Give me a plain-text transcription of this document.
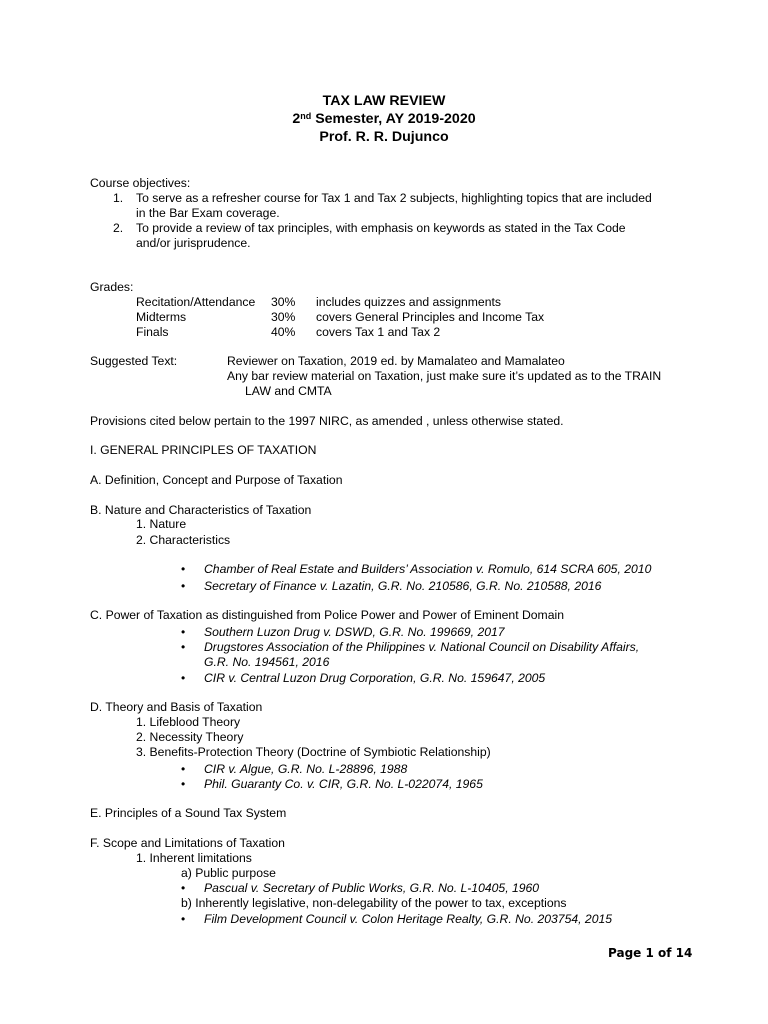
TAX LAW REVIEW
2nd Semester, AY 2019-2020
Prof. R. R. Dujunco
Course objectives:
1. To serve as a refresher course for Tax 1 and Tax 2 subjects, highlighting topics that are included
in the Bar Exam coverage.
2. To provide a review of tax principles, with emphasis on keywords as stated in the Tax Code
and/or jurisprudence.
Grades:
Recitation/Attendance 30% includes quizzes and assignments
Midterms	30% covers General Principles and Income Tax
Finals	40% covers Tax 1 and Tax 2
Suggested Text:	Reviewer on Taxation, 2019 ed. by Mamalateo and Mamalateo
Any bar review material on Taxation, just make sure it’s updated as to the TRAIN
LAW and CMTA
Provisions cited below pertain to the 1997 NIRC, as amended , unless otherwise stated.
I. GENERAL PRINCIPLES OF TAXATION
A. Definition, Concept and Purpose of Taxation
B. Nature and Characteristics of Taxation
1. Nature
2. Characteristics
• Chamber of Real Estate and Builders’ Association v. Romulo, 614 SCRA 605, 2010
• Secretary of Finance v. Lazatin, G.R. No. 210586, G.R. No. 210588, 2016
C. Power of Taxation as distinguished from Police Power and Power of Eminent Domain
• Southern Luzon Drug v. DSWD, G.R. No. 199669, 2017
• Drugstores Association of the Philippines v. National Council on Disability Affairs,
G.R. No. 194561, 2016
• CIR v. Central Luzon Drug Corporation, G.R. No. 159647, 2005
D. Theory and Basis of Taxation
1. Lifeblood Theory
2. Necessity Theory
3. Benefits-Protection Theory (Doctrine of Symbiotic Relationship)
• CIR v. Algue, G.R. No. L-28896, 1988
• Phil. Guaranty Co. v. CIR, G.R. No. L-022074, 1965
E. Principles of a Sound Tax System
F. Scope and Limitations of Taxation
1. Inherent limitations
a) Public purpose
• Pascual v. Secretary of Public Works, G.R. No. L-10405, 1960
b) Inherently legislative, non-delegability of the power to tax, exceptions
• Film Development Council v. Colon Heritage Realty, G.R. No. 203754, 2015
Page 1 of 14
